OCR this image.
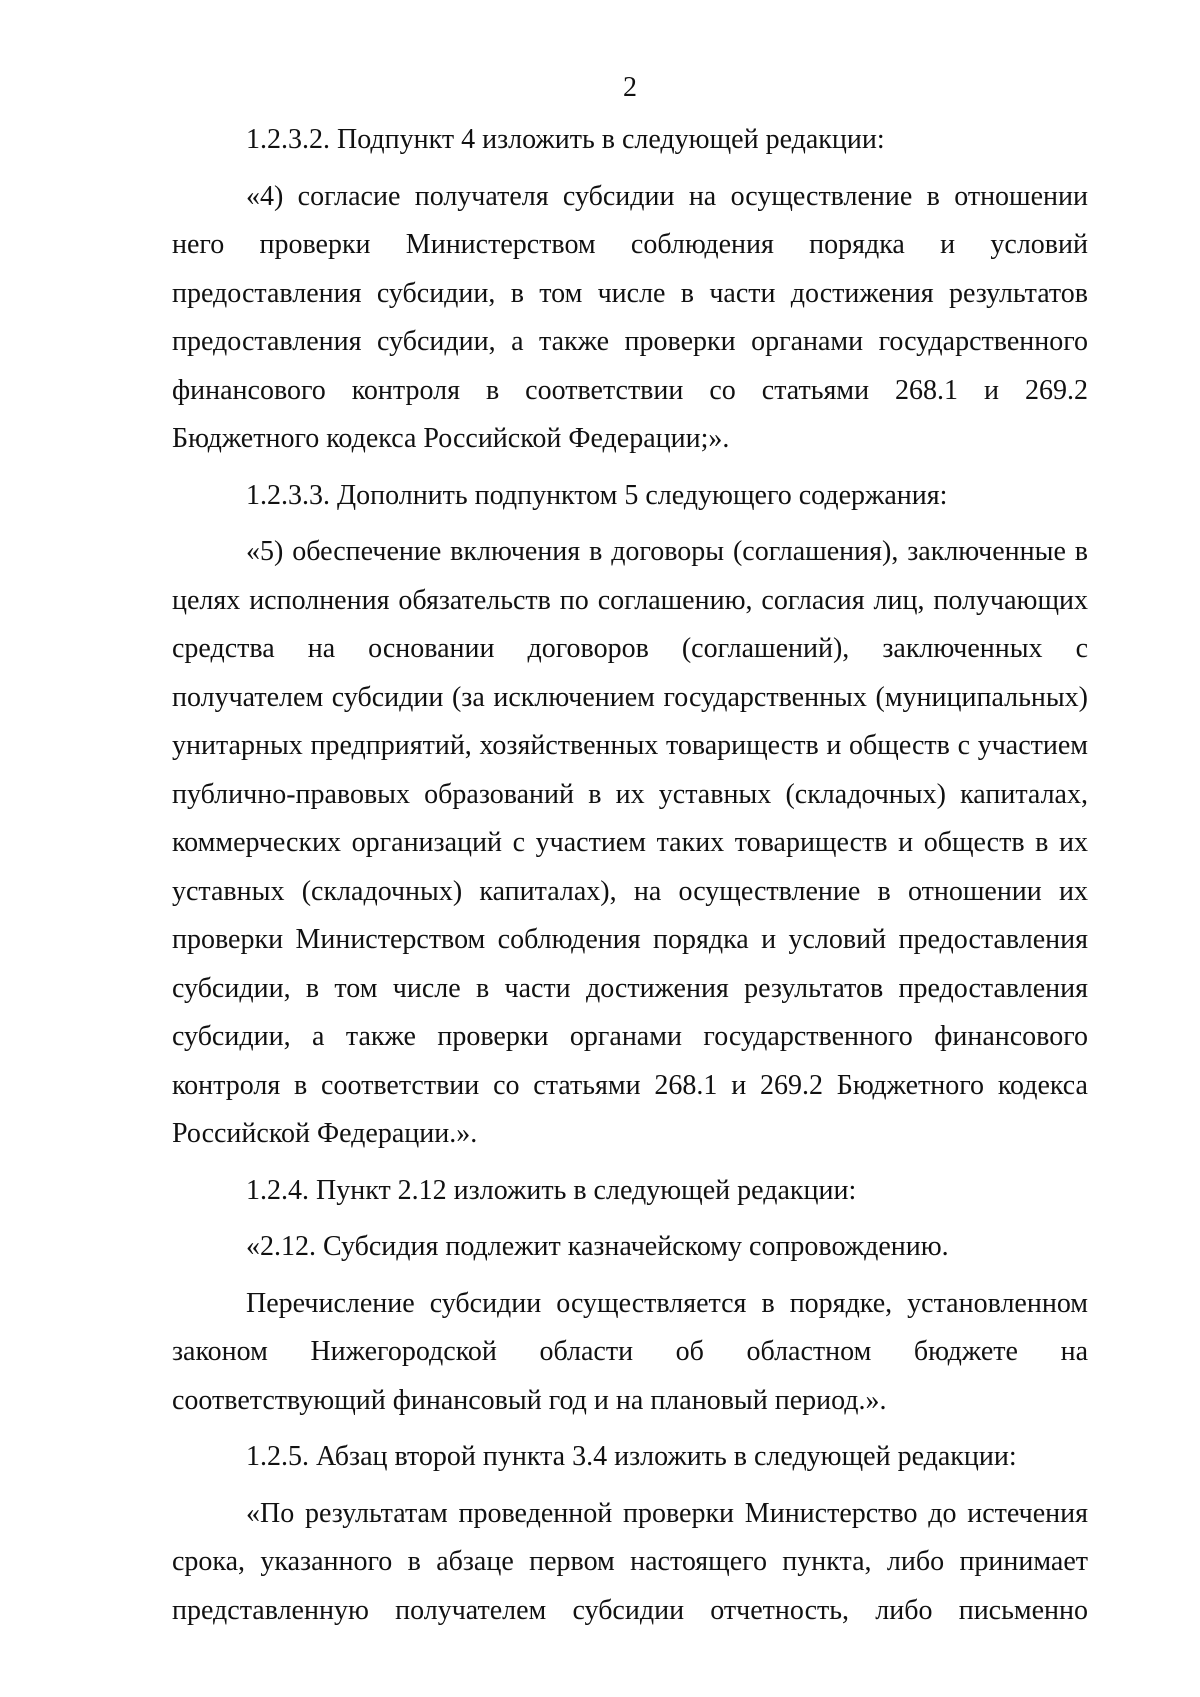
2

1.2.3.2. Подпункт 4 изложить в следующей редакции:

«4) согласие получателя субсидии на осуществление в отношении него проверки Министерством соблюдения порядка и условий предоставления субсидии, в том числе в части достижения результатов предоставления субсидии, а также проверки органами государственного финансового контроля в соответствии со статьями 268.1 и 269.2 Бюджетного кодекса Российской Федерации;».

1.2.3.3. Дополнить подпунктом 5 следующего содержания:

«5) обеспечение включения в договоры (соглашения), заключенные в целях исполнения обязательств по соглашению, согласия лиц, получающих средства на основании договоров (соглашений), заключенных с получателем субсидии (за исключением государственных (муниципальных) унитарных предприятий, хозяйственных товариществ и обществ с участием публично-правовых образований в их уставных (складочных) капиталах, коммерческих организаций с участием таких товариществ и обществ в их уставных (складочных) капиталах), на осуществление в отношении их проверки Министерством соблюдения порядка и условий предоставления субсидии, в том числе в части достижения результатов предоставления субсидии, а также проверки органами государственного финансового контроля в соответствии со статьями 268.1 и 269.2 Бюджетного кодекса Российской Федерации.».

1.2.4. Пункт 2.12 изложить в следующей редакции:

«2.12. Субсидия подлежит казначейскому сопровождению.

Перечисление субсидии осуществляется в порядке, установленном законом Нижегородской области об областном бюджете на соответствующий финансовый год и на плановый период.».

1.2.5. Абзац второй пункта 3.4 изложить в следующей редакции:

«По результатам проведенной проверки Министерство до истечения срока, указанного в абзаце первом настоящего пункта, либо принимает представленную получателем субсидии отчетность, либо письменно
